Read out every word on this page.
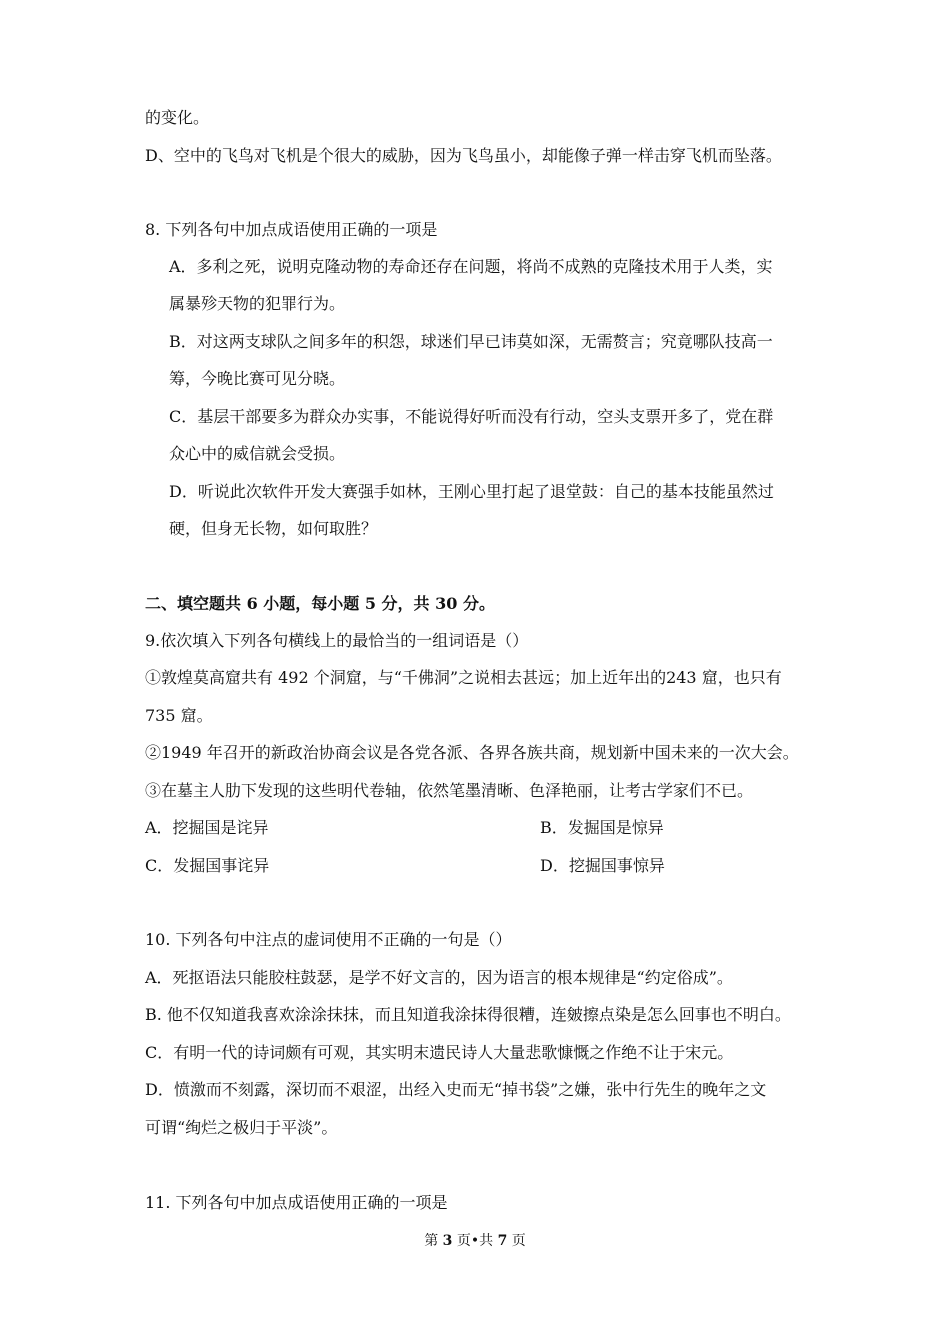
的变化。
D、空中的飞鸟对飞机是个很大的威胁，因为飞鸟虽小，却能像子弹一样击穿飞机而坠落。
8. 下列各句中加点成语使用正确的一项是
A．多利之死，说明克隆动物的寿命还存在问题，将尚不成熟的克隆技术用于人类，实
属暴殄天物的犯罪行为。
B．对这两支球队之间多年的积怨，球迷们早已讳莫如深，无需赘言；究竟哪队技高一
筹，今晚比赛可见分晓。
C．基层干部要多为群众办实事，不能说得好听而没有行动，空头支票开多了，党在群
众心中的威信就会受损。
D．听说此次软件开发大赛强手如林，王刚心里打起了退堂鼓：自己的基本技能虽然过
硬，但身无长物，如何取胜？
二、填空题共 6 小题，每小题 5 分，共 30 分。
9.依次填入下列各句横线上的最恰当的一组词语是（）
①敦煌莫高窟共有 492 个洞窟，与“千佛洞”之说相去甚远；加上近年出的243 窟，也只有
735 窟。
②1949 年召开的新政治协商会议是各党各派、各界各族共商，规划新中国未来的一次大会。
③在墓主人肋下发现的这些明代卷轴，依然笔墨清晰、色泽艳丽，让考古学家们不已。
A．挖掘国是诧异	B．发掘国是惊异
C．发掘国事诧异	D．挖掘国事惊异
10. 下列各句中注点的虚词使用不正确的一句是（）
A．死抠语法只能胶柱鼓瑟，是学不好文言的，因为语言的根本规律是“约定俗成”。
B. 他不仅知道我喜欢涂涂抹抹，而且知道我涂抹得很糟，连皴擦点染是怎么回事也不明白。
C．有明一代的诗词颇有可观，其实明末遗民诗人大量悲歌慷慨之作绝不让于宋元。
D．愤激而不刻露，深切而不艰涩，出经入史而无“掉书袋”之嫌，张中行先生的晚年之文
可谓“绚烂之极归于平淡”。
11. 下列各句中加点成语使用正确的一项是
第 3 页•共 7 页
